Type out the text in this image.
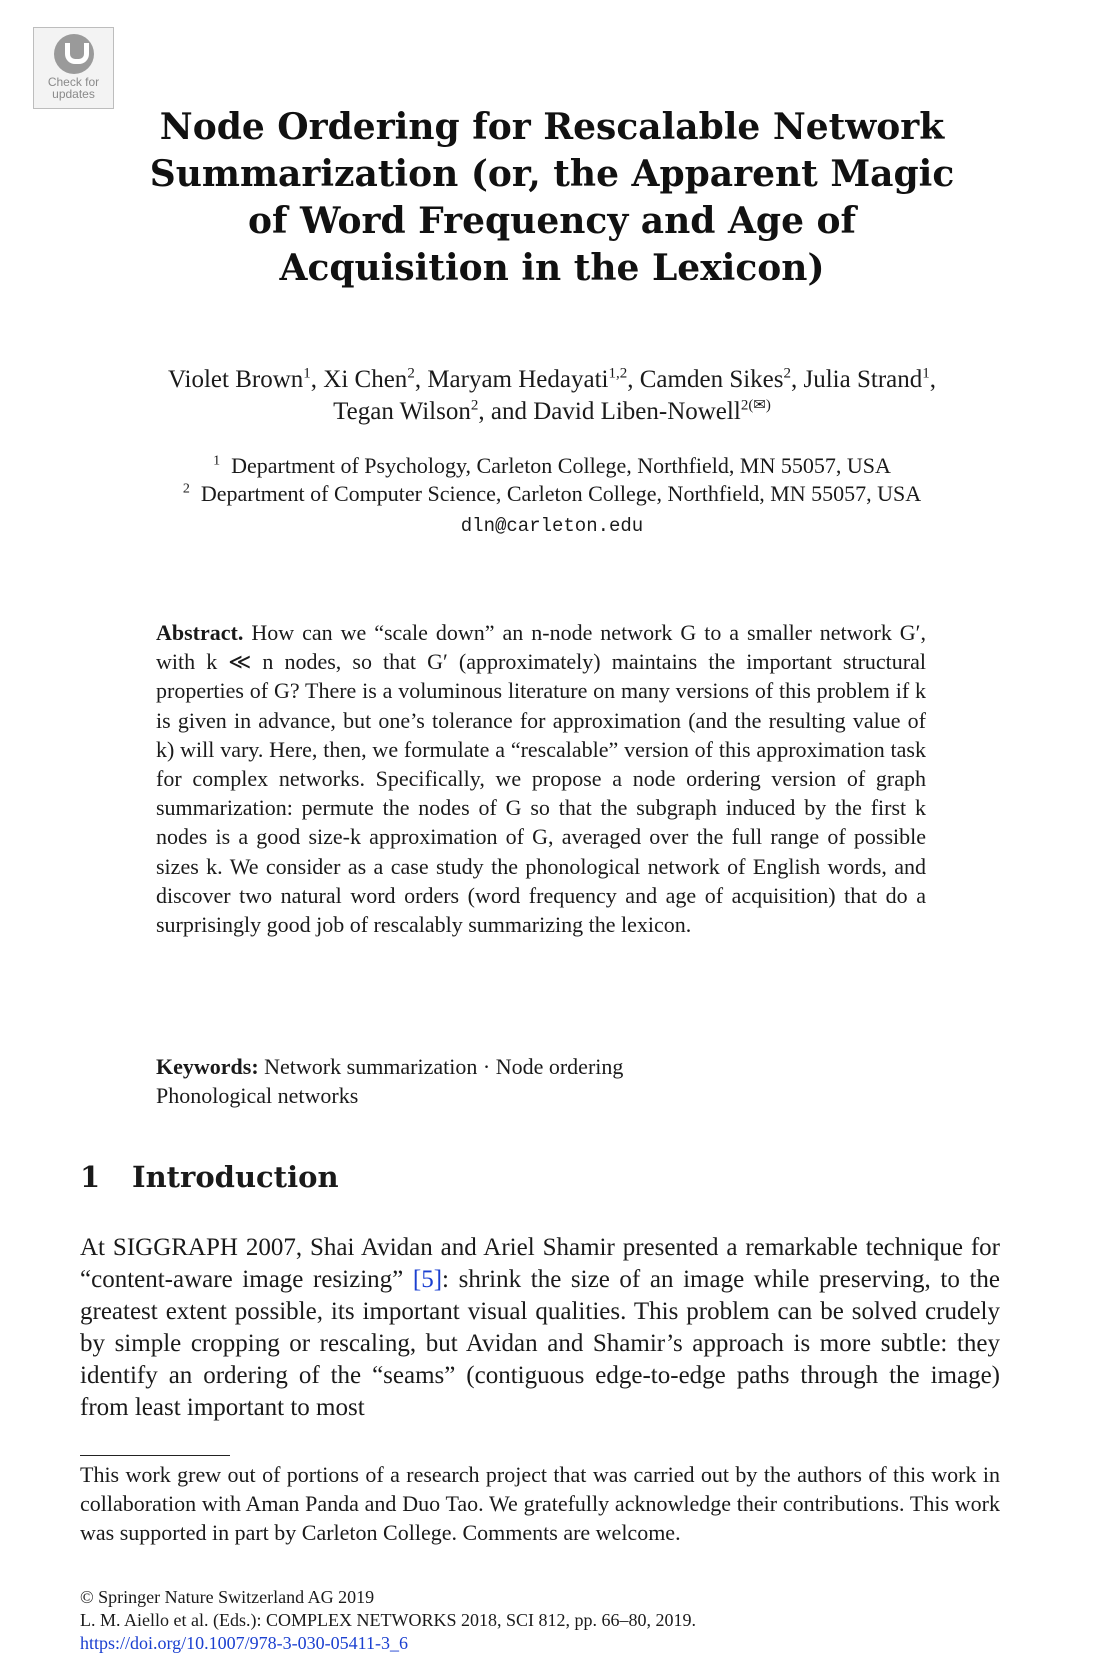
Check for updates
Node Ordering for Rescalable Network
Summarization (or, the Apparent Magic
of Word Frequency and Age of
Acquisition in the Lexicon)
Violet Brown$^1$, Xi Chen$^2$, Maryam Hedayati$^{1,2}$, Camden Sikes$^2$, Julia Strand$^1$,
Tegan Wilson$^2$, and David Liben-Nowell$^{2(✉)}$
$^1$ Department of Psychology, Carleton College, Northfield, MN 55057, USA
$^2$ Department of Computer Science, Carleton College, Northfield, MN 55057, USA
dln@carleton.edu
Abstract. How can we “scale down” an n-node network G to a smaller network G′, with k ≪ n nodes, so that G′ (approximately) maintains the important structural properties of G? There is a voluminous literature on many versions of this problem if k is given in advance, but one’s tolerance for approximation (and the resulting value of k) will vary. Here, then, we formulate a “rescalable” version of this approximation task for complex networks. Specifically, we propose a node ordering version of graph summarization: permute the nodes of G so that the subgraph induced by the first k nodes is a good size-k approximation of G, averaged over the full range of possible sizes k. We consider as a case study the phonological network of English words, and discover two natural word orders (word frequency and age of acquisition) that do a surprisingly good job of rescalably summarizing the lexicon.
Keywords: Network summarization · Node ordering
Phonological networks
1 Introduction
At SIGGRAPH 2007, Shai Avidan and Ariel Shamir presented a remarkable technique for “content-aware image resizing” [5]: shrink the size of an image while preserving, to the greatest extent possible, its important visual qualities. This problem can be solved crudely by simple cropping or rescaling, but Avidan and Shamir’s approach is more subtle: they identify an ordering of the “seams” (contiguous edge-to-edge paths through the image) from least important to most
This work grew out of portions of a research project that was carried out by the authors of this work in collaboration with Aman Panda and Duo Tao. We gratefully acknowledge their contributions. This work was supported in part by Carleton College. Comments are welcome.
© Springer Nature Switzerland AG 2019
L. M. Aiello et al. (Eds.): COMPLEX NETWORKS 2018, SCI 812, pp. 66–80, 2019.
https://doi.org/10.1007/978-3-030-05411-3_6
